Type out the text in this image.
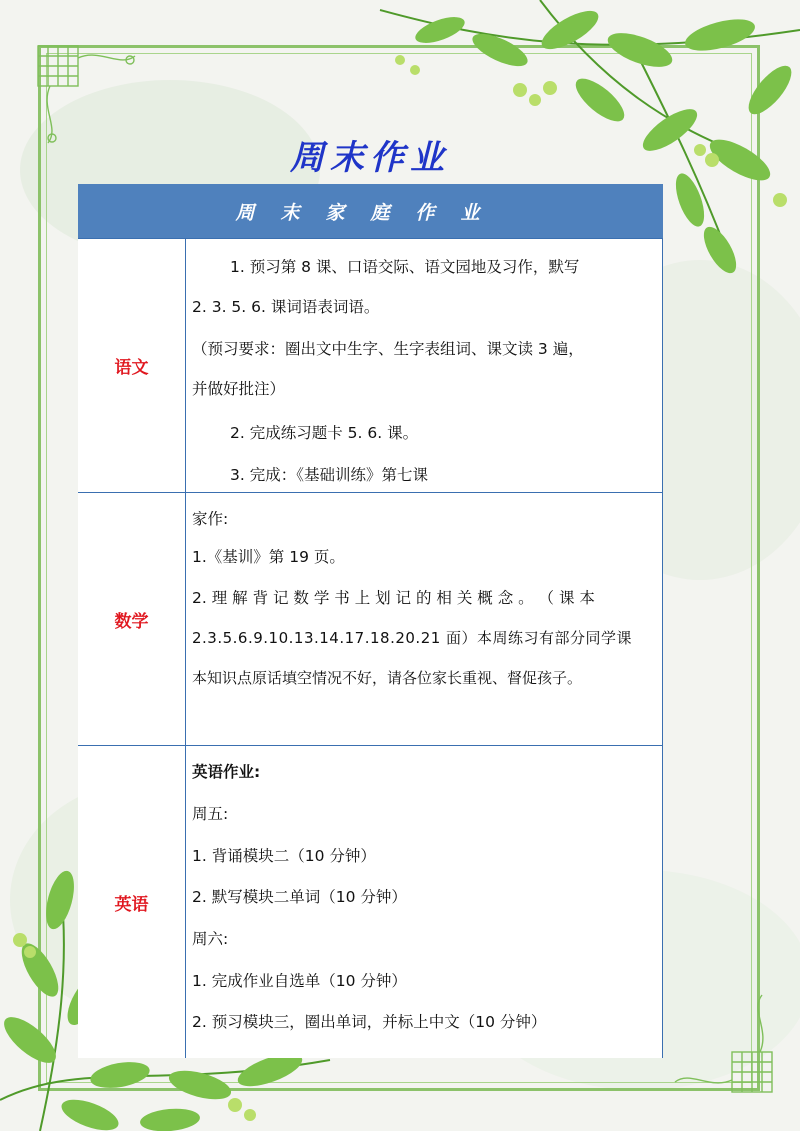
周末作业
周末家庭作业
语文
1. 预习第 8 课、口语交际、语文园地及习作，默写
2. 3. 5. 6. 课词语表词语。
（预习要求：圈出文中生字、生字表组词、课文读 3 遍，
并做好批注）
2. 完成练习题卡 5. 6. 课。
3. 完成：《基础训练》第七课
数学
家作:
1.《基训》第 19 页。
2. 理 解 背 记 数 学 书 上 划 记 的 相 关 概 念 。 （ 课 本
2.3.5.6.9.10.13.14.17.18.20.21 面）本周练习有部分同学课
本知识点原话填空情况不好，请各位家长重视、督促孩子。
英语
英语作业:
周五:
1. 背诵模块二（10 分钟）
2. 默写模块二单词（10 分钟）
周六:
1. 完成作业自选单（10 分钟）
2. 预习模块三，圈出单词，并标上中文（10 分钟）
